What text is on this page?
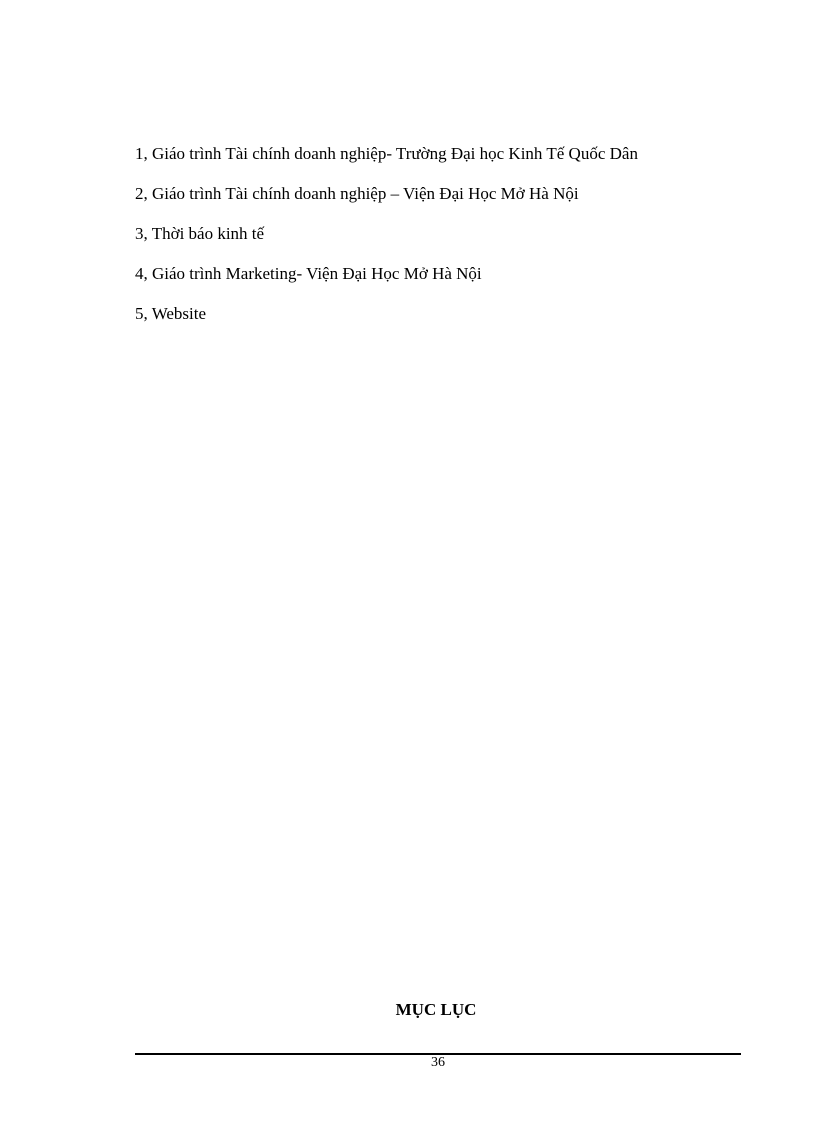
1, Giáo trình Tài chính doanh nghiệp- Trường Đại học Kinh Tế Quốc Dân
2, Giáo trình Tài chính doanh nghiệp – Viện Đại Học Mở Hà Nội
3, Thời báo kinh tế
4, Giáo trình Marketing- Viện Đại Học Mở Hà Nội
5, Website
MỤC LỤC
36
